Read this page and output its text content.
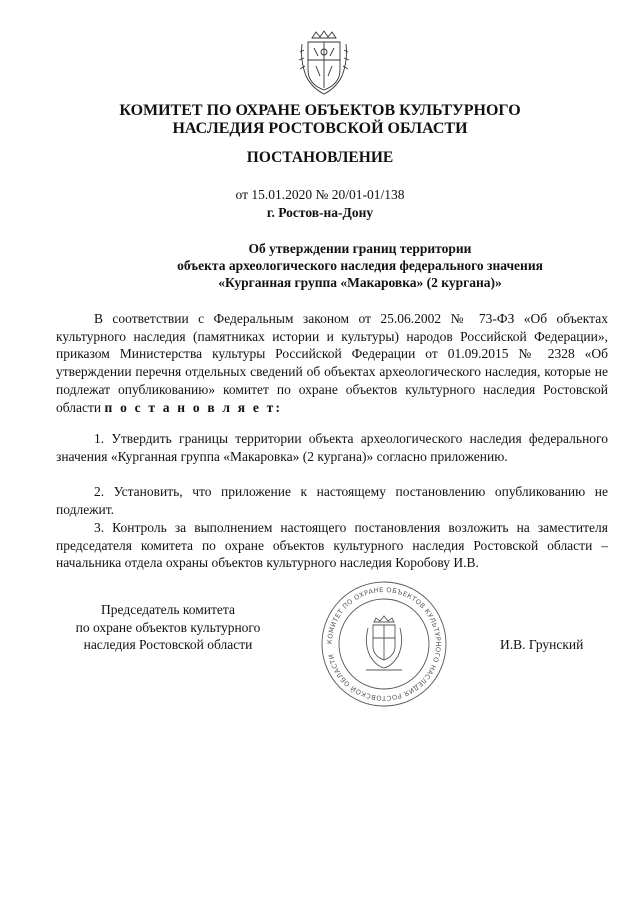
КОМИТЕТ ПО ОХРАНЕ ОБЪЕКТОВ КУЛЬТУРНОГО
НАСЛЕДИЯ РОСТОВСКОЙ ОБЛАСТИ
ПОСТАНОВЛЕНИЕ
от 15.01.2020 № 20/01-01/138
г. Ростов-на-Дону
Об утверждении границ территории
объекта археологического наследия федерального значения
«Курганная группа «Макаровка» (2 кургана)»
В соответствии с Федеральным законом от 25.06.2002 № 73-ФЗ «Об объектах культурного наследия (памятниках истории и культуры) народов Российской Федерации», приказом Министерства культуры Российской Федерации от 01.09.2015 № 2328 «Об утверждении перечня отдельных сведений об объектах археологического наследия, которые не подлежат опубликованию» комитет по охране объектов культурного наследия Ростовской области п о с т а н о в л я е т:
1. Утвердить границы территории объекта археологического наследия федерального значения «Курганная группа «Макаровка» (2 кургана)» согласно приложению.
2. Установить, что приложение к настоящему постановлению опубликованию не подлежит.
3. Контроль за выполнением настоящего постановления возложить на заместителя председателя комитета по охране объектов культурного наследия Ростовской области – начальника отдела охраны объектов культурного наследия Коробову И.В.
Председатель комитета
по охране объектов культурного
наследия Ростовской области	КОМИТЕТ ПО ОХРАНЕ ОБЪЕКТОВ КУЛЬТУРНОГО НАСЛЕДИЯ РОСТОВСКОЙ ОБЛАСТИ
И.В. Грунский
